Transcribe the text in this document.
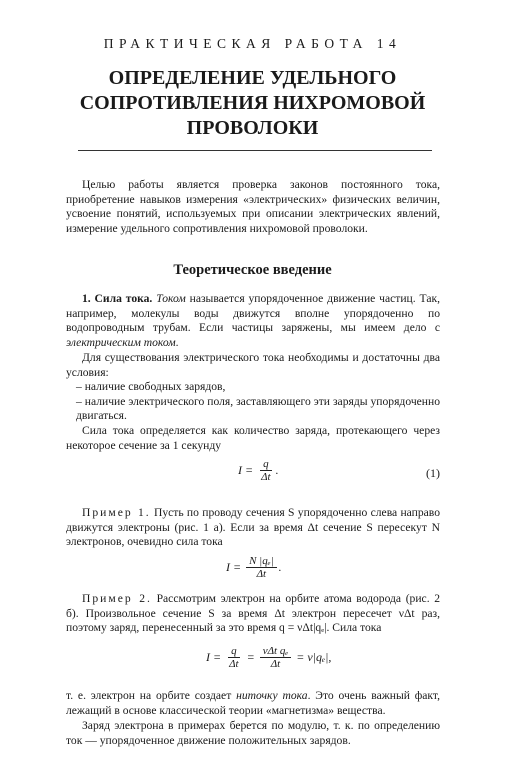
ПРАКТИЧЕСКАЯ РАБОТА 14
ОПРЕДЕЛЕНИЕ УДЕЛЬНОГО
СОПРОТИВЛЕНИЯ НИХРОМОВОЙ
ПРОВОЛОКИ
Целью работы является проверка законов постоянного тока, приобретение навыков измерения «электрических» физических величин, усвоение понятий, используемых при описании электрических явлений, измерение удельного сопротивления нихромовой проволоки.
Теоретическое введение
1. Сила тока. Током называется упорядоченное движение частиц. Так, например, молекулы воды движутся вполне упорядоченно по водопроводным трубам. Если частицы заряжены, мы имеем дело с электрическим током.
Для существования электрического тока необходимы и достаточны два условия:
– наличие свободных зарядов,
– наличие электрического поля, заставляющего эти заряды упорядоченно двигаться.
Сила тока определяется как количество заряда, протекающего через некоторое сечение за 1 секунду
$I = \frac{q}{\Delta t}$ .	(1)
Пример 1. Пусть по проводу сечения S упорядоченно слева направо движутся электроны (рис. 1 а). Если за время Δt сечение S пересекут N электронов, очевидно сила тока
$I = \frac{\text{N |qₑ|}}{\Delta t}$ .
Пример 2. Рассмотрим электрон на орбите атома водорода (рис. 2 б). Произвольное сечение S за время Δt электрон пересечет νΔt раз, поэтому заряд, перенесенный за это время q = νΔt|qₑ|. Сила тока
$I = \frac{q}{\Delta t} = \frac{\text{νΔt qₑ}}{\Delta t} = \nu|q_e|$,
т. е. электрон на орбите создает ниточку тока. Это очень важный факт, лежащий в основе классической теории «магнетизма» вещества.
Заряд электрона в примерах берется по модулю, т. к. по определению ток — упорядоченное движение положительных зарядов.
